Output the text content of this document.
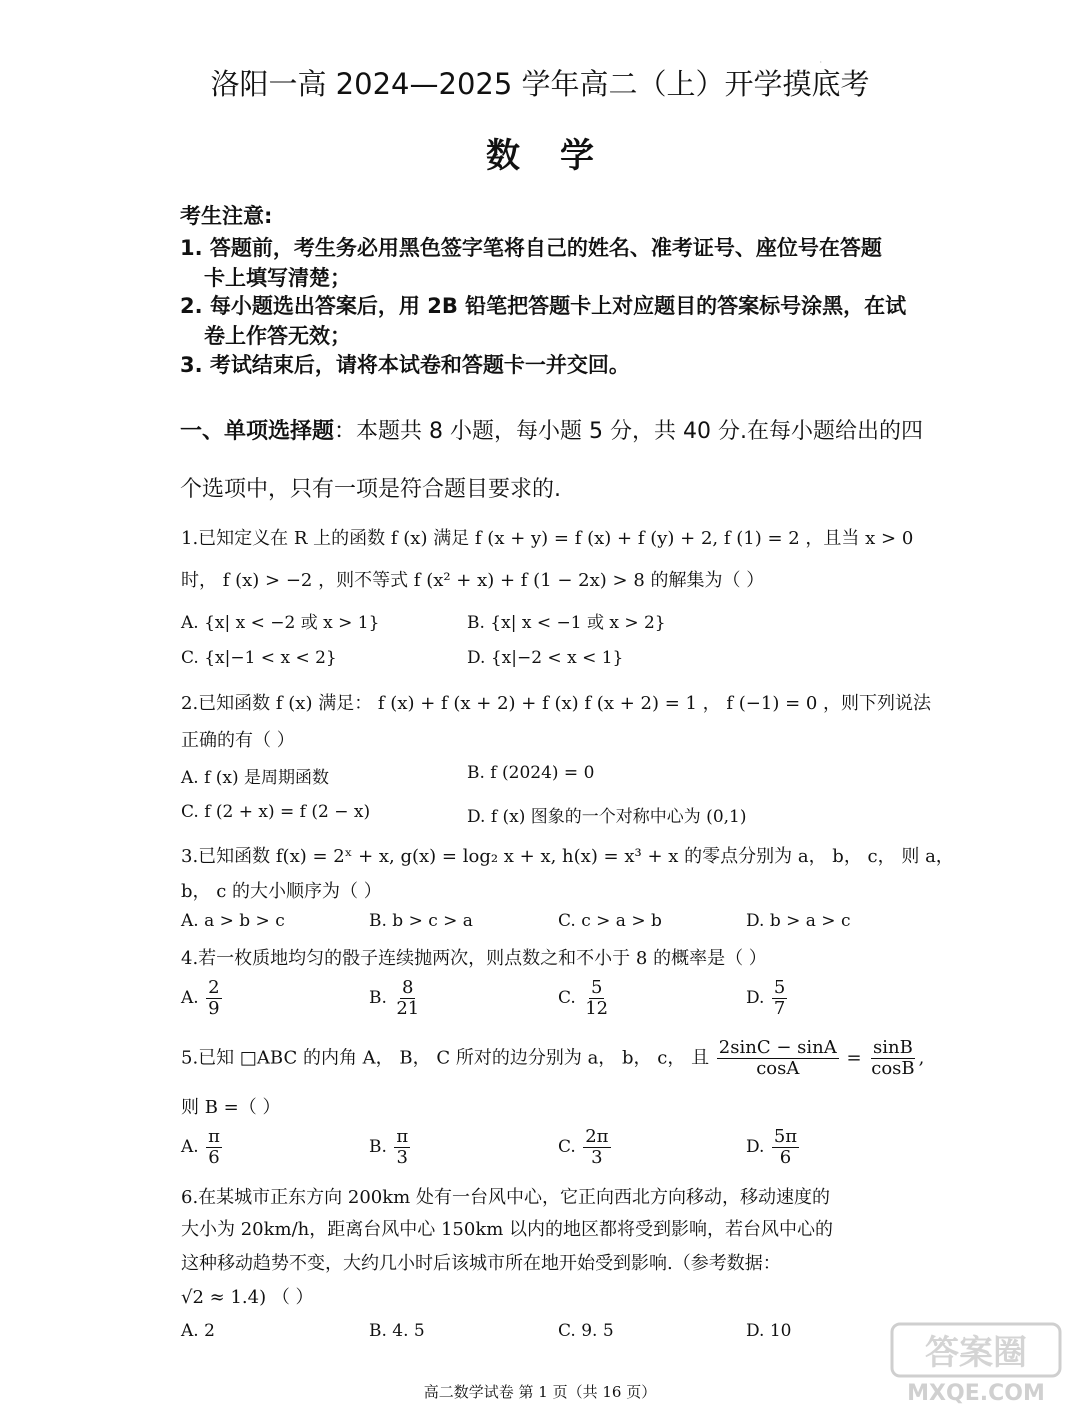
·
洛阳一高 2024—2025 学年高二（上）开学摸底考
数学
考生注意:
1. 答题前，考生务必用黑色签字笔将自己的姓名、准考证号、座位号在答题
卡上填写清楚；
2. 每小题选出答案后，用 2B 铅笔把答题卡上对应题目的答案标号涂黑，在试
卷上作答无效；
3. 考试结束后，请将本试卷和答题卡一并交回。
一、单项选择题：本题共 8 小题，每小题 5 分，共 40 分.在每小题给出的四
个选项中，只有一项是符合题目要求的.
1.已知定义在 R 上的函数 f (x) 满足 f (x + y) = f (x) + f (y) + 2, f (1) = 2 ，且当 x > 0
时， f (x) > −2 ，则不等式 f (x² + x) + f (1 − 2x) > 8 的解集为（ ）
A. {x| x < −2 或 x > 1}	B. {x| x < −1 或 x > 2}
C. {x|−1 < x < 2}	D. {x|−2 < x < 1}
2.已知函数 f (x) 满足： f (x) + f (x + 2) + f (x) f (x + 2) = 1 ， f (−1) = 0 ，则下列说法
正确的有（ ）
A. f (x) 是周期函数	B. f (2024) = 0
C. f (2 + x) = f (2 − x)	D. f (x) 图象的一个对称中心为 (0,1)
3.已知函数 f(x) = 2ˣ + x, g(x) = log₂ x + x, h(x) = x³ + x 的零点分别为 a， b， c， 则 a，
b， c 的大小顺序为（ ）
A. a > b > c	B. b > c > a	C. c > a > b	D. b > a > c
4.若一枚质地均匀的骰子连续抛两次，则点数之和不小于 8 的概率是（ ）
A. $\frac{2}{9}$	B. $\frac{8}{21}$	C. $\frac{5}{12}$	D. $\frac{5}{7}$
5.已知 □ABC 的内角 A， B， C 所对的边分别为 a， b， c， 且 $\frac{2\sin C - \sin A}{\cos A} = \frac{\sin B}{\cos B}$ ,
则 B =（ ）
A. $\frac{\pi}{6}$	B. $\frac{\pi}{3}$	C. $\frac{2\pi}{3}$	D. $\frac{5\pi}{6}$
6.在某城市正东方向 200km 处有一台风中心，它正向西北方向移动，移动速度的
大小为 20km/h，距离台风中心 150km 以内的地区都将受到影响，若台风中心的
这种移动趋势不变，大约几小时后该城市所在地开始受到影响.（参考数据：
√2 ≈ 1.4) （ ）
A. 2	B. 4. 5	C. 9. 5	D. 10
高二数学试卷 第 1 页（共 16 页）
答案圈
MXQE.COM
